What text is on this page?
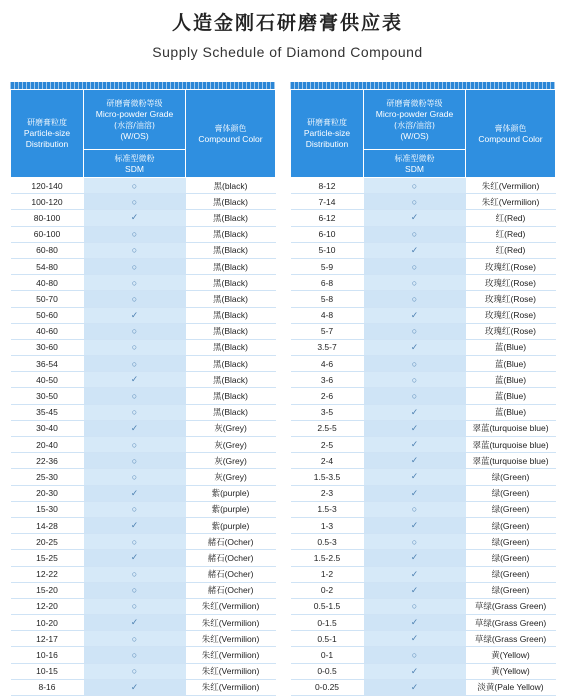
人造金刚石研磨膏供应表
Supply Schedule of Diamond Compound
研磨膏粒度
Particle-size
Distribution	研磨膏微粉等级
Micro-powder Grade
(水溶/油溶)
(W/OS)	膏体颜色
Compound Color

	标准型微粉
SDM	

120-140	○	黑(black)
100-120	○	黑(Black)
80-100	✓	黑(Black)
60-100	○	黑(Black)
60-80	○	黑(Black)
54-80	○	黑(Black)
40-80	○	黑(Black)
50-70	○	黑(Black)
50-60	✓	黑(Black)
40-60	○	黑(Black)
30-60	○	黑(Black)
36-54	○	黑(Black)
40-50	✓	黑(Black)
30-50	○	黑(Black)
35-45	○	黑(Black)
30-40	✓	灰(Grey)
20-40	○	灰(Grey)
22-36	○	灰(Grey)
25-30	○	灰(Grey)
20-30	✓	紫(purple)
15-30	○	紫(purple)
14-28	✓	紫(purple)
20-25	○	赭石(Ocher)
15-25	✓	赭石(Ocher)
12-22	○	赭石(Ocher)
15-20	○	赭石(Ocher)
12-20	○	朱红(Vermilion)
10-20	✓	朱红(Vermilion)
12-17	○	朱红(Vermilion)
10-16	○	朱红(Vermilion)
10-15	○	朱红(Vermilion)
8-16	✓	朱红(Vermilion)
研磨膏粒度
Particle-size
Distribution	研磨膏微粉等级
Micro-powder Grade
(水溶/油溶)
(W/OS)	膏体颜色
Compound Color

	标准型微粉
SDM	

8-12	○	朱红(Vermilion)
7-14	○	朱红(Vermilion)
6-12	✓	红(Red)
6-10	○	红(Red)
5-10	✓	红(Red)
5-9	○	玫瑰红(Rose)
6-8	○	玫瑰红(Rose)
5-8	○	玫瑰红(Rose)
4-8	✓	玫瑰红(Rose)
5-7	○	玫瑰红(Rose)
3.5-7	✓	蓝(Blue)
4-6	○	蓝(Blue)
3-6	○	蓝(Blue)
2-6	○	蓝(Blue)
3-5	✓	蓝(Blue)
2.5-5	✓	翠蓝(turquoise blue)
2-5	✓	翠蓝(turquoise blue)
2-4	✓	翠蓝(turquoise blue)
1.5-3.5	✓	绿(Green)
2-3	✓	绿(Green)
1.5-3	○	绿(Green)
1-3	✓	绿(Green)
0.5-3	○	绿(Green)
1.5-2.5	✓	绿(Green)
1-2	✓	绿(Green)
0-2	✓	绿(Green)
0.5-1.5	○	草绿(Grass Green)
0-1.5	✓	草绿(Grass Green)
0.5-1	✓	草绿(Grass Green)
0-1	○	黄(Yellow)
0-0.5	✓	黄(Yellow)
0-0.25	✓	淡黄(Pale Yellow)
